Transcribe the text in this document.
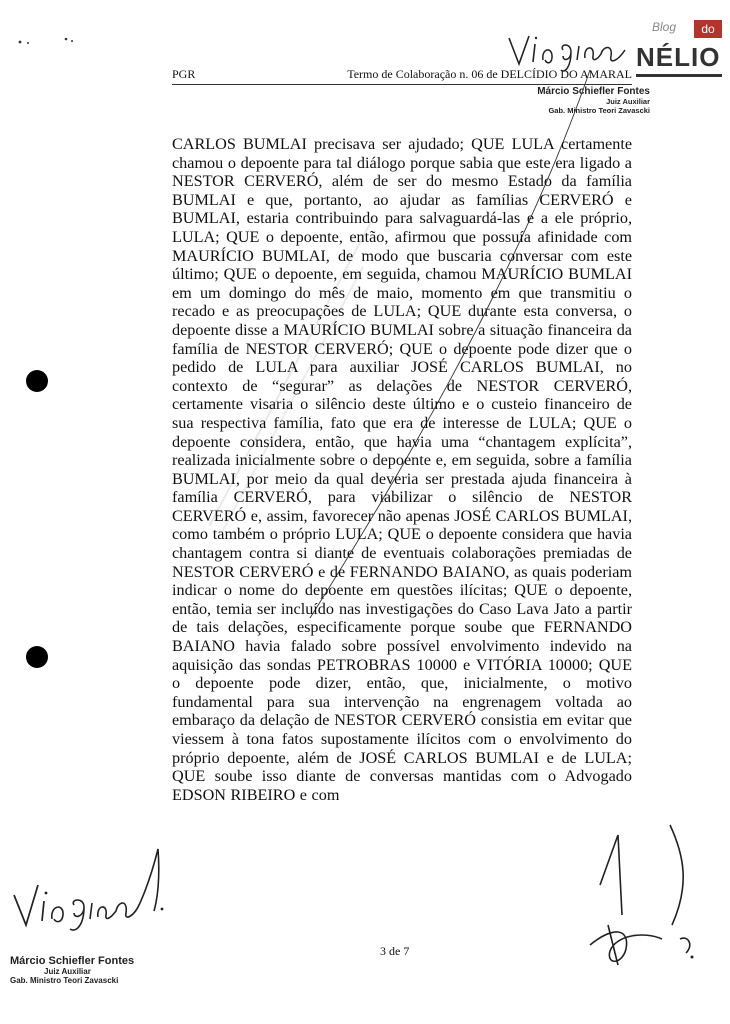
Blog	do
NÉLIO
PGR	Termo de Colaboração n. 06 de DELCÍDIO DO AMARAL
Márcio Schiefler Fontes
Juiz Auxiliar
Gab. Ministro Teori Zavascki
CARLOS BUMLAI precisava ser ajudado; QUE LULA certamente chamou o depoente para tal diálogo porque sabia que este era ligado a NESTOR CERVERÓ, além de ser do mesmo Estado da família BUMLAI e que, portanto, ao ajudar as famílias CERVERÓ e BUMLAI, estaria contribuindo para salvaguardá-las e a ele próprio, LULA; QUE o depoente, então, afirmou que possuía afinidade com MAURÍCIO BUMLAI, de modo que buscaria conversar com este último; QUE o depoente, em seguida, chamou MAURÍCIO BUMLAI em um domingo do mês de maio, momento em que transmitiu o recado e as preocupações de LULA; QUE durante esta conversa, o depoente disse a MAURÍCIO BUMLAI sobre a situação financeira da família de NESTOR CERVERÓ; QUE o depoente pode dizer que o pedido de LULA para auxiliar JOSÉ CARLOS BUMLAI, no contexto de “segurar” as delações de NESTOR CERVERÓ, certamente visaria o silêncio deste último e o custeio financeiro de sua respectiva família, fato que era de interesse de LULA; QUE o depoente considera, então, que havia uma “chantagem explícita”, realizada inicialmente sobre o depoente e, em seguida, sobre a família BUMLAI, por meio da qual deveria ser prestada ajuda financeira à família CERVERÓ, para viabilizar o silêncio de NESTOR CERVERÓ e, assim, favorecer não apenas JOSÉ CARLOS BUMLAI, como também o próprio LULA; QUE o depoente considera que havia chantagem contra si diante de eventuais colaborações premiadas de NESTOR CERVERÓ e de FERNANDO BAIANO, as quais poderiam indicar o nome do depoente em questões ilícitas; QUE o depoente, então, temia ser incluído nas investigações do Caso Lava Jato a partir de tais delações, especificamente porque soube que FERNANDO BAIANO havia falado sobre possível envolvimento indevido na aquisição das sondas PETROBRAS 10000 e VITÓRIA 10000; QUE o depoente pode dizer, então, que, inicialmente, o motivo fundamental para sua intervenção na engrenagem voltada ao embaraço da delação de NESTOR CERVERÓ consistia em evitar que viessem à tona fatos supostamente ilícitos com o envolvimento do próprio depoente, além de JOSÉ CARLOS BUMLAI e de LULA; QUE soube isso diante de conversas mantidas com o Advogado EDSON RIBEIRO e com
3 de 7
Márcio Schiefler Fontes
Juiz Auxiliar
Gab. Ministro Teori Zavascki
